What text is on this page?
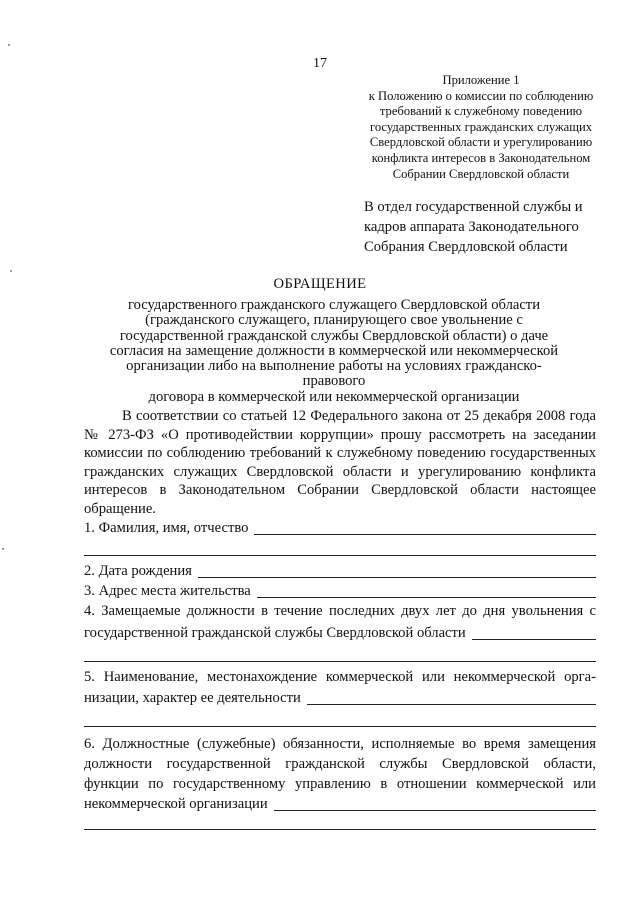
17
Приложение 1
к Положению о комиссии по соблюдению
требований к служебному поведению
государственных гражданских служащих
Свердловской области и урегулированию
конфликта интересов в Законодательном
Собрании Свердловской области
В отдел государственной службы и
кадров аппарата Законодательного
Собрания Свердловской области
ОБРАЩЕНИЕ
государственного гражданского служащего Свердловской области
(гражданского служащего, планирующего свое увольнение с
государственной гражданской службы Свердловской области) о даче
согласия на замещение должности в коммерческой или некоммерческой
организации либо на выполнение работы на условиях гражданско-правового
договора в коммерческой или некоммерческой организации
В соответствии со статьей 12 Федерального закона от 25 декабря 2008 года № 273-ФЗ «О противодействии коррупции» прошу рассмотреть на заседании комиссии по соблюдению требований к служебному поведению государственных гражданских служащих Свердловской области и урегулированию конфликта интересов в Законодательном Собрании Свердловской области настоящее обращение.
1. Фамилия, имя, отчество
2. Дата рождения
3. Адрес места жительства
4. Замещаемые должности в течение последних двух лет до дня увольнения с
государственной гражданской службы Свердловской области
5. Наименование, местонахождение коммерческой или некоммерческой орга-
низации, характер ее деятельности
6. Должностные (служебные) обязанности, исполняемые во время замещения
должности государственной гражданской службы Свердловской области,
функции по государственному управлению в отношении коммерческой или
некоммерческой организации
